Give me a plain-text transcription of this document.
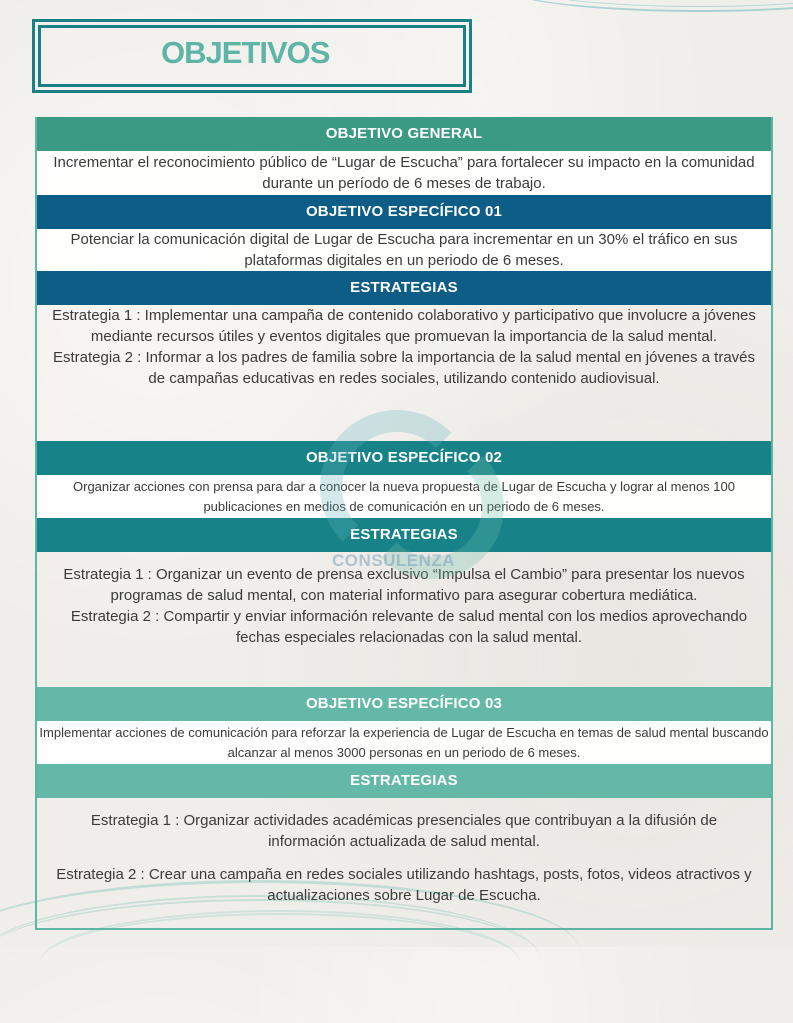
OBJETIVOS
OBJETIVO GENERAL
Incrementar el reconocimiento público de “Lugar de Escucha” para fortalecer su impacto en la comunidad durante un período de 6 meses de trabajo.
OBJETIVO ESPECÍFICO 01
Potenciar la comunicación digital de Lugar de Escucha para incrementar en un 30% el tráfico en sus plataformas digitales en un periodo de 6 meses.
ESTRATEGIAS
Estrategia 1 : Implementar una campaña de contenido colaborativo y participativo que involucre a jóvenes mediante recursos útiles y eventos digitales que promuevan la importancia de la salud mental.
Estrategia 2 : Informar a los padres de familia sobre la importancia de la salud mental en jóvenes a través de campañas educativas en redes sociales, utilizando contenido audiovisual.
OBJETIVO ESPECÍFICO 02
Organizar acciones con prensa para dar a conocer la nueva propuesta de Lugar de Escucha y lograr al menos 100 publicaciones en medios de comunicación en un periodo de 6 meses.
ESTRATEGIAS
Estrategia 1 : Organizar un evento de prensa exclusivo “Impulsa el Cambio” para presentar los nuevos programas de salud mental, con material informativo para asegurar cobertura mediática.
Estrategia 2 : Compartir y enviar información relevante de salud mental con los medios aprovechando fechas especiales relacionadas con la salud mental.
OBJETIVO ESPECÍFICO 03
Implementar acciones de comunicación para reforzar la experiencia de Lugar de Escucha en temas de salud mental buscando alcanzar al menos 3000 personas en un periodo de 6 meses.
ESTRATEGIAS
Estrategia 1 : Organizar actividades académicas presenciales que contribuyan a la difusión de información actualizada de salud mental.
Estrategia 2 : Crear una campaña en redes sociales utilizando hashtags, posts, fotos, videos atractivos y actualizaciones sobre Lugar de Escucha.
CONSULENZA
